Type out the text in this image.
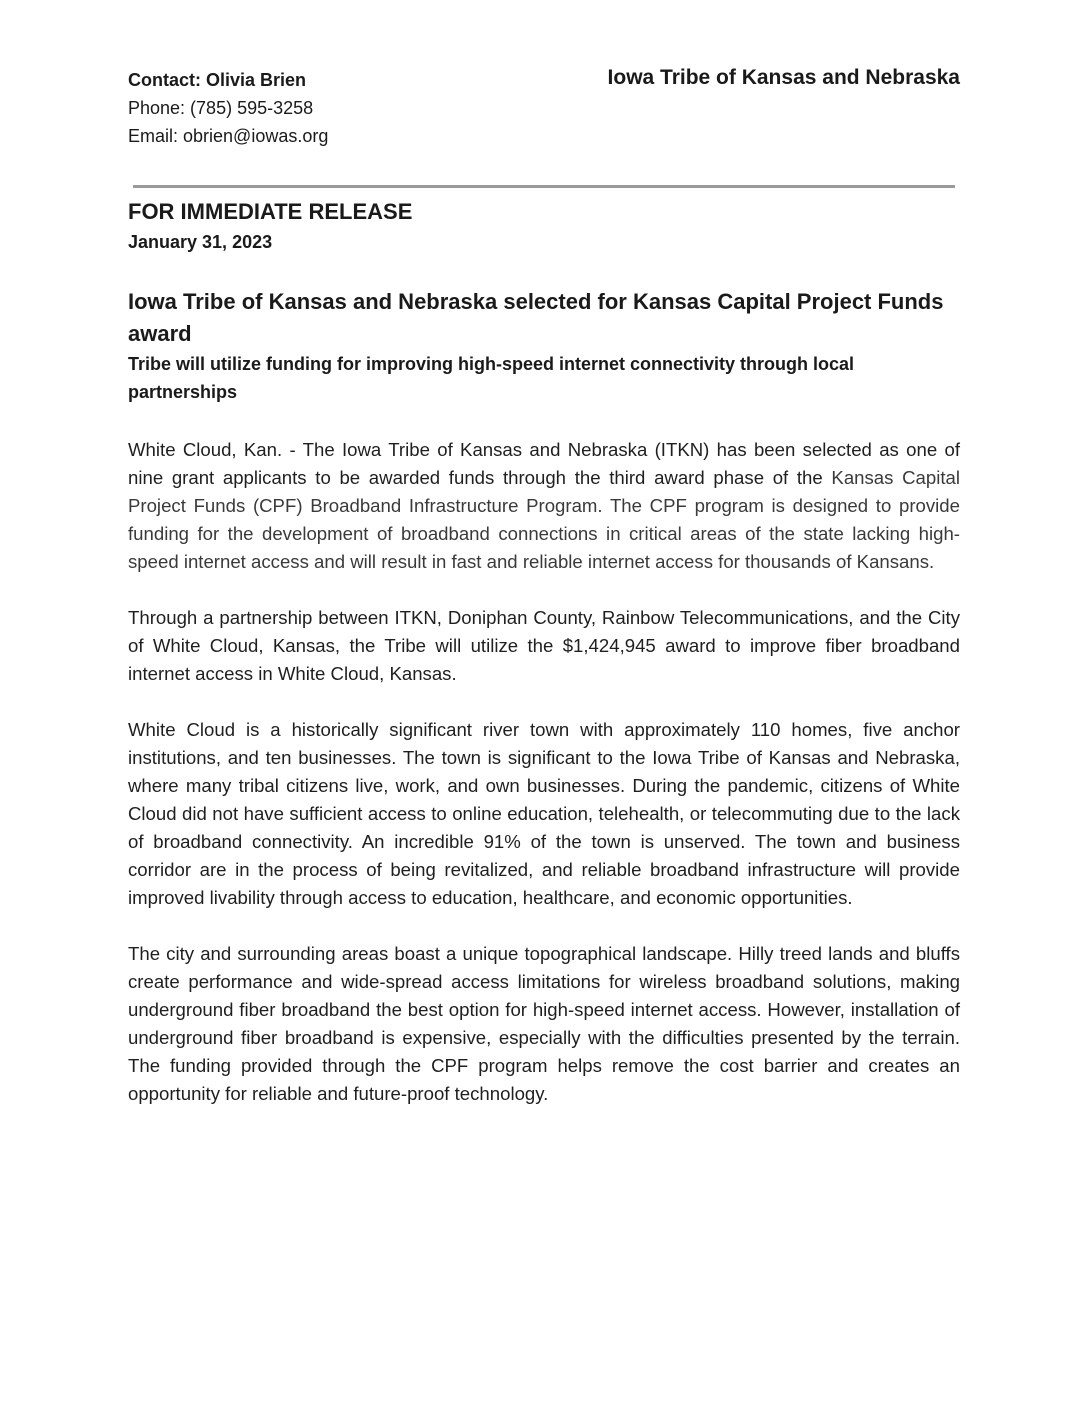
Contact: Olivia Brien
Phone: (785) 595-3258
Email: obrien@iowas.org
Iowa Tribe of Kansas and Nebraska
FOR IMMEDIATE RELEASE
January 31, 2023
Iowa Tribe of Kansas and Nebraska selected for Kansas Capital Project Funds award
Tribe will utilize funding for improving high-speed internet connectivity through local partnerships

White Cloud, Kan. - The Iowa Tribe of Kansas and Nebraska (ITKN) has been selected as one of nine grant applicants to be awarded funds through the third award phase of the Kansas Capital Project Funds (CPF) Broadband Infrastructure Program. The CPF program is designed to provide funding for the development of broadband connections in critical areas of the state lacking high-speed internet access and will result in fast and reliable internet access for thousands of Kansans.

Through a partnership between ITKN, Doniphan County, Rainbow Telecommunications, and the City of White Cloud, Kansas, the Tribe will utilize the $1,424,945 award to improve fiber broadband internet access in White Cloud, Kansas.

White Cloud is a historically significant river town with approximately 110 homes, five anchor institutions, and ten businesses. The town is significant to the Iowa Tribe of Kansas and Nebraska, where many tribal citizens live, work, and own businesses. During the pandemic, citizens of White Cloud did not have sufficient access to online education, telehealth, or telecommuting due to the lack of broadband connectivity. An incredible 91% of the town is unserved. The town and business corridor are in the process of being revitalized, and reliable broadband infrastructure will provide improved livability through access to education, healthcare, and economic opportunities.

The city and surrounding areas boast a unique topographical landscape. Hilly treed lands and bluffs create performance and wide-spread access limitations for wireless broadband solutions, making underground fiber broadband the best option for high-speed internet access. However, installation of underground fiber broadband is expensive, especially with the difficulties presented by the terrain. The funding provided through the CPF program helps remove the cost barrier and creates an opportunity for reliable and future-proof technology.
